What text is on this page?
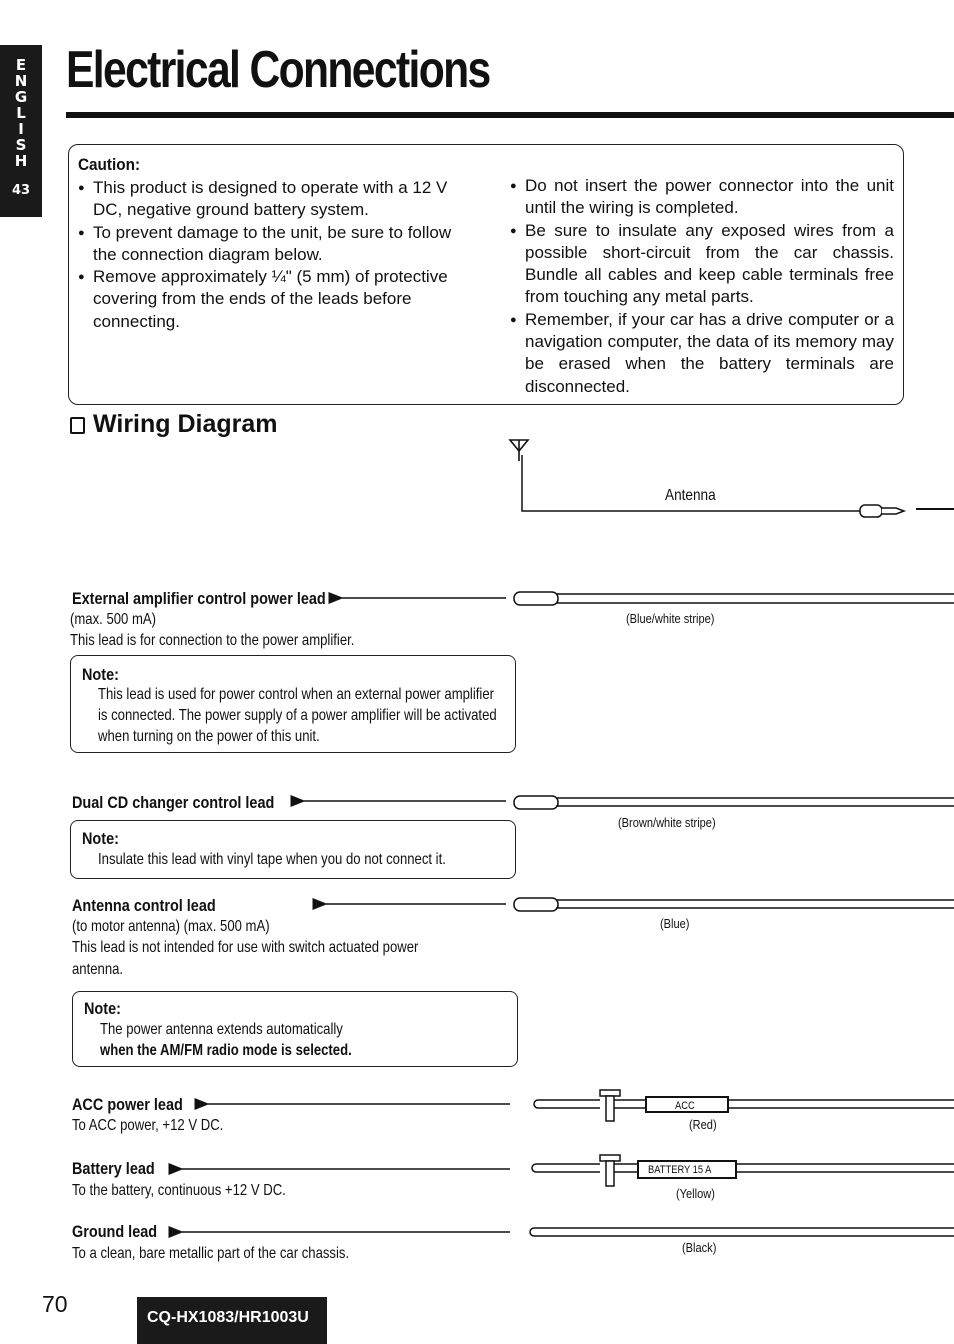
E
N
G
L
I
S
H
43
Electrical Connections
Caution:
● This product is designed to operate with a 12 V DC, negative ground battery system.
● To prevent damage to the unit, be sure to follow the connection diagram below.
● Remove approximately ¼" (5 mm) of protective covering from the ends of the leads before connecting.
● Do not insert the power connector into the unit until the wiring is completed.
● Be sure to insulate any exposed wires from a possible short-circuit from the car chassis. Bundle all cables and keep cable terminals free from touching any metal parts.
● Remember, if your car has a drive computer or a navigation computer, the data of its memory may be erased when the battery terminals are disconnected.
Wiring Diagram
Antenna
External amplifier control power lead
(max. 500 mA)
This lead is for connection to the power amplifier.
(Blue/white stripe)
Note:
This lead is used for power control when an external power amplifier
is connected. The power supply of a power amplifier will be activated
when turning on the power of this unit.
Dual CD changer control lead
(Brown/white stripe)
Note:
Insulate this lead with vinyl tape when you do not connect it.
Antenna control lead
(to motor antenna) (max. 500 mA)
This lead is not intended for use with switch actuated power
antenna.
(Blue)
Note:
The power antenna extends automatically
when the AM/FM radio mode is selected.
ACC power lead
To ACC power, +12 V DC.
ACC
(Red)
Battery lead
To the battery, continuous +12 V DC.
BATTERY 15 A
(Yellow)
Ground lead
To a clean, bare metallic part of the car chassis.	(Black)
70
CQ-HX1083/HR1003U
